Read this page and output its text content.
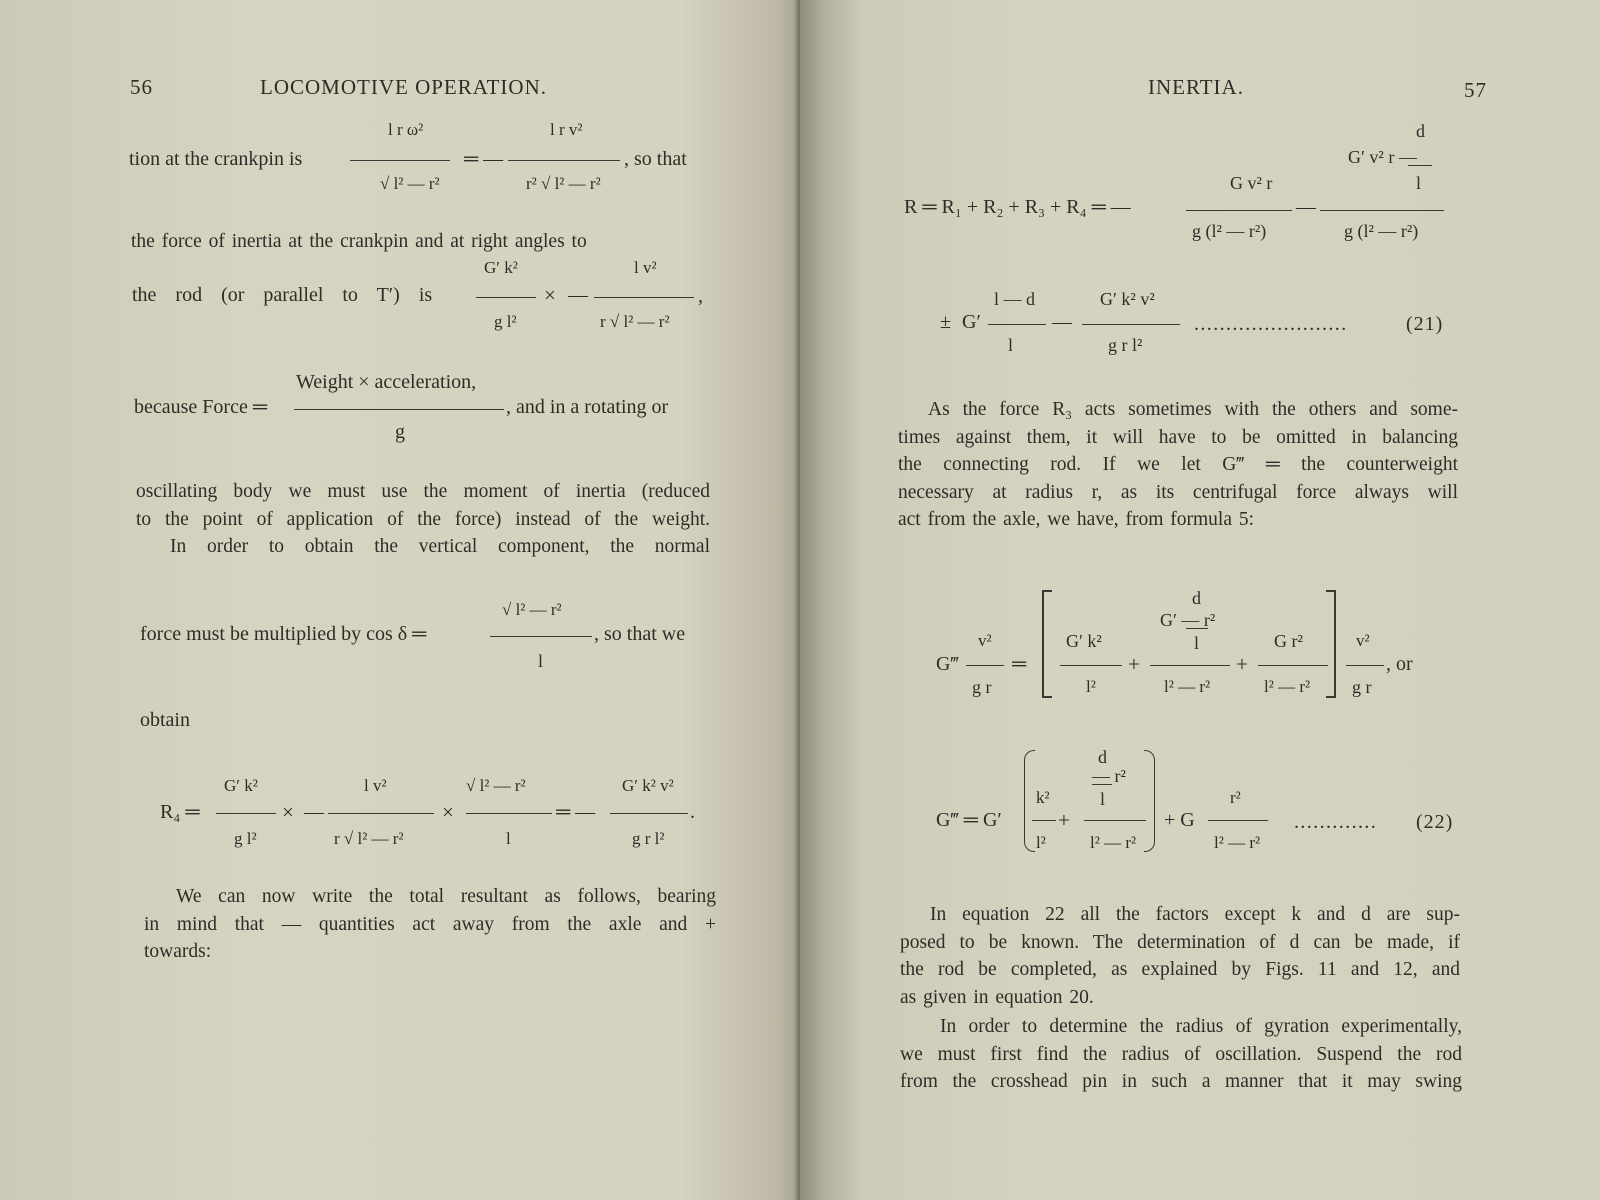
56	LOCOMOTIVE OPERATION.
tion at the crankpin is
l r ω²
√ l² — r²
═ —
l r v²
r² √ l² — r²
, so that
the force of inertia at the crankpin and at right angles to
the rod (or parallel to T′) is
G′ k²
g l²
× —
l v²
r √ l² — r²
,
because Force ═
Weight × acceleration,
g
, and in a rotating or
oscillating body we must use the moment of inertia (reduced
to the point of application of the force) instead of the weight.
In order to obtain the vertical component, the normal
force must be multiplied by cos δ ═
√ l² — r²
l
, so that we
obtain
R₄ ═
G′ k²
g l²
× —
l v²
r √ l² — r²
×
√ l² — r²
l
═ —
G′ k² v²
g r l²
.
We can now write the total resultant as follows, bearing
in mind that — quantities act away from the axle and +
towards:
INERTIA.	57
R ═ R₁ + R₂ + R₃ + R₄ ═ —
G v² r
g (l² — r²)
—
d
G′ v² r —
l
g (l² — r²)
± G′
l — d
l
—
G′ k² v²
g r l²
........................	(21)
As the force R₃ acts sometimes with the others and some-
times against them, it will have to be omitted in balancing
the connecting rod. If we let G‴ ═ the counterweight
necessary at radius r, as its centrifugal force always will
act from the axle, we have, from formula 5:
G‴
v²
g r
═
G′ k²
l²
+
d
G′ — r²
l
l² — r²
+
G r²
l² — r²
v²
g r
, or
G‴ ═ G′
k²
l²
+
d
— r²
l
l² — r²
+ G
r²
l² — r²
............. (22)
In equation 22 all the factors except k and d are sup-
posed to be known. The determination of d can be made, if
the rod be completed, as explained by Figs. 11 and 12, and
as given in equation 20.
In order to determine the radius of gyration experimentally,
we must first find the radius of oscillation. Suspend the rod
from the crosshead pin in such a manner that it may swing
